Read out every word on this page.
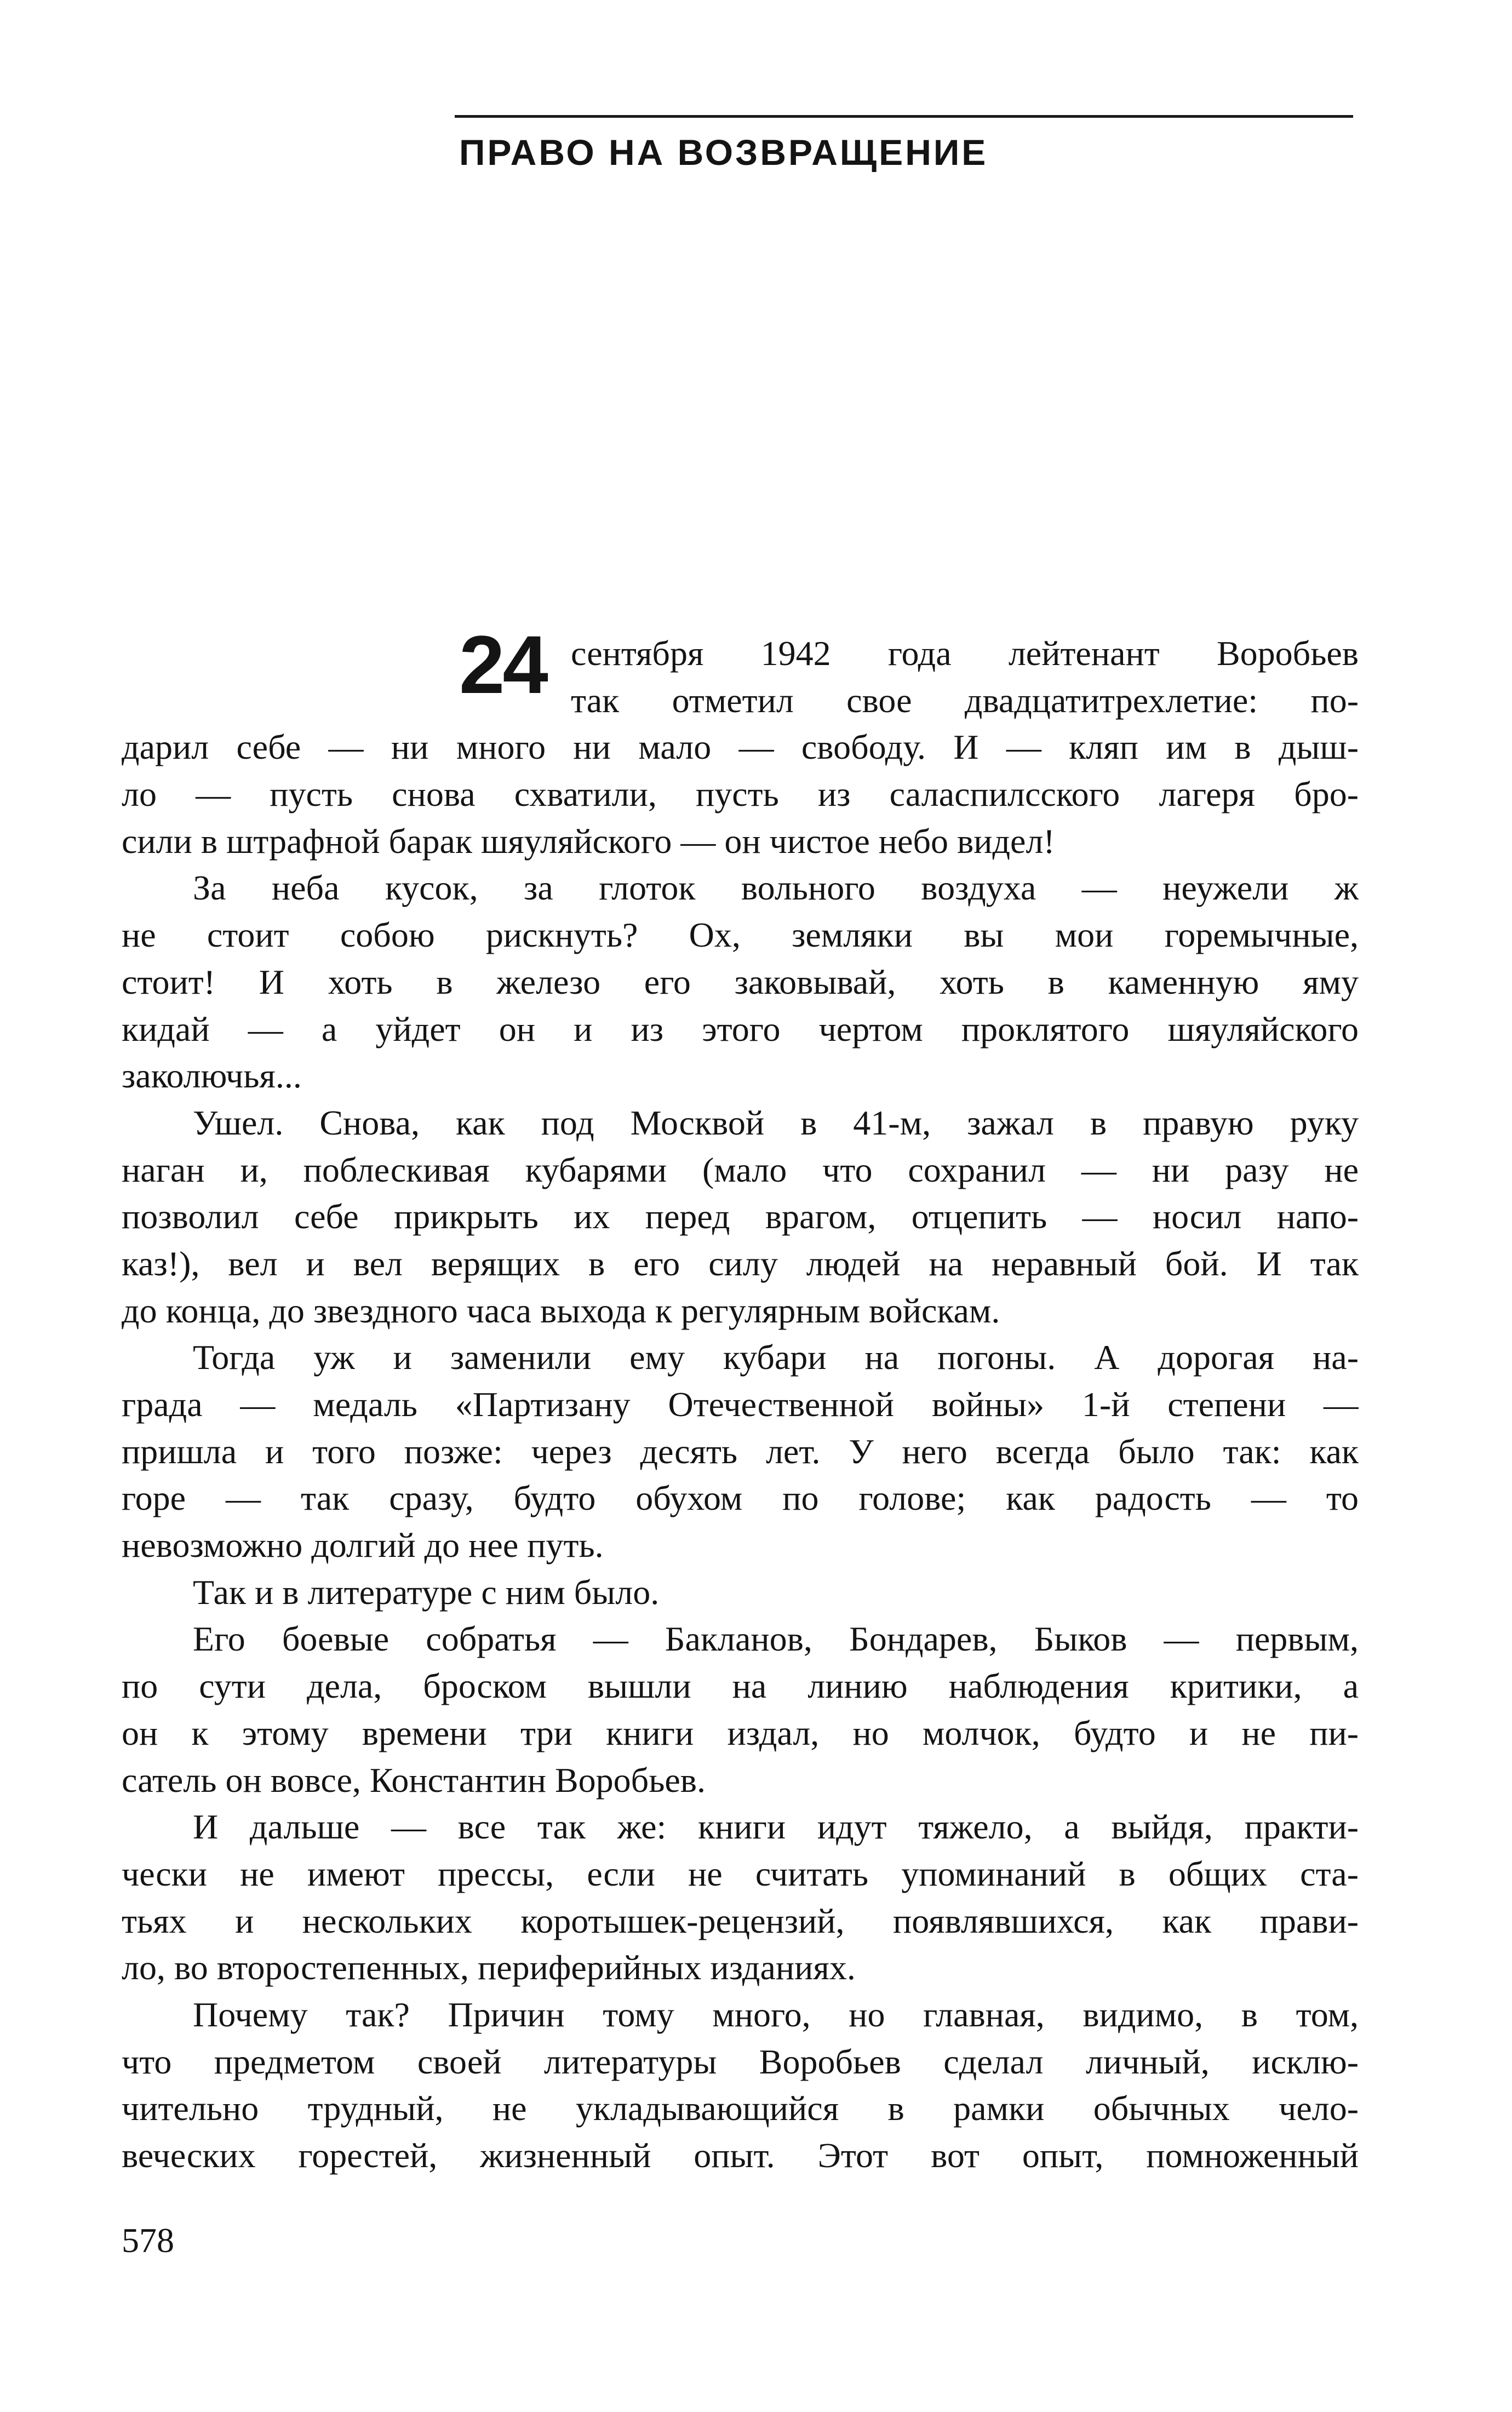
ПРАВО НА ВОЗВРАЩЕНИЕ
24 сентября 1942 года лейтенант Воробьев
так отметил свое двадцатитрехлетие: по-
дарил себе — ни много ни мало — свободу. И — кляп им в дыш-
ло — пусть снова схватили, пусть из саласпилсского лагеря бро-
сили в штрафной барак шяуляйского — он чистое небо видел!
За неба кусок, за глоток вольного воздуха — неужели ж
не стоит собою рискнуть? Ох, земляки вы мои горемычные,
стоит! И хоть в железо его заковывай, хоть в каменную яму
кидай — а уйдет он и из этого чертом проклятого шяуляйского
заколючья...
Ушел. Снова, как под Москвой в 41-м, зажал в правую руку
наган и, поблескивая кубарями (мало что сохранил — ни разу не
позволил себе прикрыть их перед врагом, отцепить — носил напо-
каз!), вел и вел верящих в его силу людей на неравный бой. И так
до конца, до звездного часа выхода к регулярным войскам.
Тогда уж и заменили ему кубари на погоны. А дорогая на-
града — медаль «Партизану Отечественной войны» 1-й степени —
пришла и того позже: через десять лет. У него всегда было так: как
горе — так сразу, будто обухом по голове; как радость — то
невозможно долгий до нее путь.
Так и в литературе с ним было.
Его боевые собратья — Бакланов, Бондарев, Быков — первым,
по сути дела, броском вышли на линию наблюдения критики, а
он к этому времени три книги издал, но молчок, будто и не пи-
сатель он вовсе, Константин Воробьев.
И дальше — все так же: книги идут тяжело, а выйдя, практи-
чески не имеют прессы, если не считать упоминаний в общих ста-
тьях и нескольких коротышек-рецензий, появлявшихся, как прави-
ло, во второстепенных, периферийных изданиях.
Почему так? Причин тому много, но главная, видимо, в том,
что предметом своей литературы Воробьев сделал личный, исклю-
чительно трудный, не укладывающийся в рамки обычных чело-
веческих горестей, жизненный опыт. Этот вот опыт, помноженный
578
